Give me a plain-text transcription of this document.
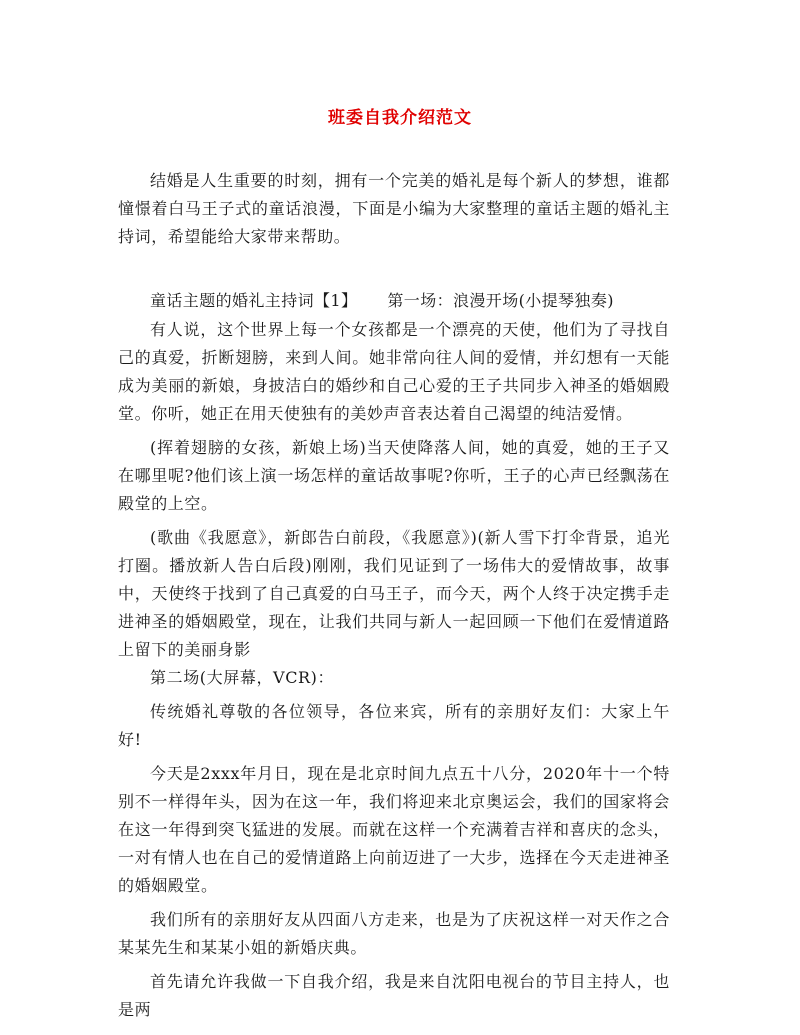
班委自我介绍范文

结婚是人生重要的时刻，拥有一个完美的婚礼是每个新人的梦想，谁都憧憬着白马王子式的童话浪漫，下面是小编为大家整理的童话主题的婚礼主持词，希望能给大家带来帮助。

童话主题的婚礼主持词【1】 第一场：浪漫开场(小提琴独奏)

有人说，这个世界上每一个女孩都是一个漂亮的天使，他们为了寻找自己的真爱，折断翅膀，来到人间。她非常向往人间的爱情，并幻想有一天能成为美丽的新娘，身披洁白的婚纱和自己心爱的王子共同步入神圣的婚姻殿堂。你听，她正在用天使独有的美妙声音表达着自己渴望的纯洁爱情。

(挥着翅膀的女孩，新娘上场)当天使降落人间，她的真爱，她的王子又在哪里呢?他们该上演一场怎样的童话故事呢?你听，王子的心声已经飘荡在殿堂的上空。

(歌曲《我愿意》，新郎告白前段，《我愿意》)(新人雪下打伞背景，追光打圈。播放新人告白后段)刚刚，我们见证到了一场伟大的爱情故事，故事中，天使终于找到了自己真爱的白马王子，而今天，两个人终于决定携手走进神圣的婚姻殿堂，现在，让我们共同与新人一起回顾一下他们在爱情道路上留下的美丽身影

第二场(大屏幕，VCR)：

传统婚礼尊敬的各位领导，各位来宾，所有的亲朋好友们：大家上午好!

今天是2xxx年月日，现在是北京时间九点五十八分，2020年十一个特别不一样得年头，因为在这一年，我们将迎来北京奥运会，我们的国家将会在这一年得到突飞猛进的发展。而就在这样一个充满着吉祥和喜庆的念头，一对有情人也在自己的爱情道路上向前迈进了一大步，选择在今天走进神圣的婚姻殿堂。

我们所有的亲朋好友从四面八方走来，也是为了庆祝这样一对天作之合某某先生和某某小姐的新婚庆典。

首先请允许我做一下自我介绍，我是来自沈阳电视台的节目主持人，也是两
